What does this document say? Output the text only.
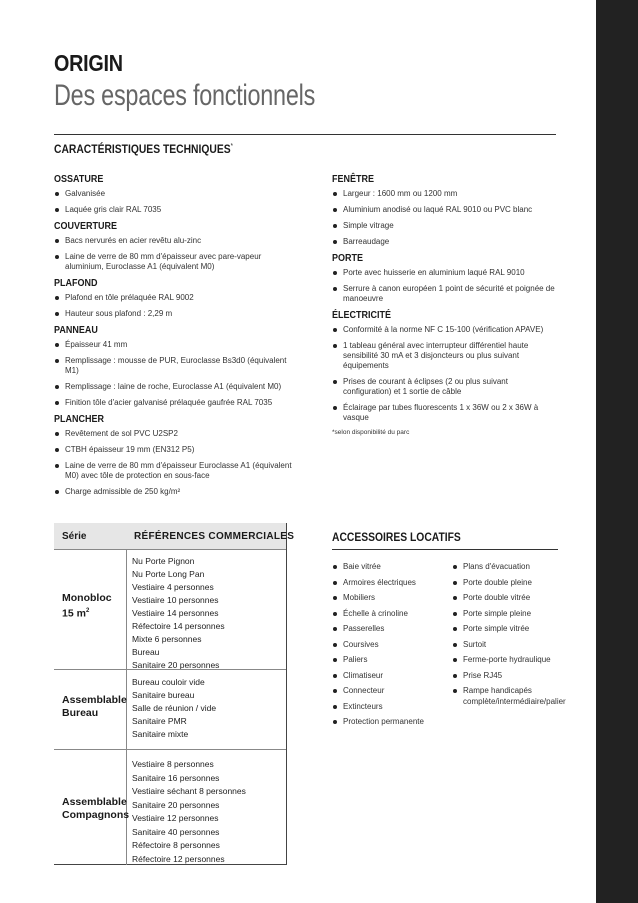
ORIGIN
Des espaces fonctionnels
CARACTÉRISTIQUES TECHNIQUES*
OSSATURE
Galvanisée
Laquée gris clair RAL 7035
COUVERTURE
Bacs nervurés en acier revêtu alu-zinc
Laine de verre de 80 mm d'épaisseur avec pare-vapeur aluminium, Euroclasse A1 (équivalent M0)
PLAFOND
Plafond en tôle prélaquée RAL 9002
Hauteur sous plafond : 2,29 m
PANNEAU
Épaisseur 41 mm
Remplissage : mousse de PUR, Euroclasse Bs3d0 (équivalent M1)
Remplissage : laine de roche, Euroclasse A1 (équivalent M0)
Finition tôle d'acier galvanisé prélaquée gaufrée RAL 7035
PLANCHER
Revêtement de sol PVC U2SP2
CTBH épaisseur 19 mm (EN312 P5)
Laine de verre de 80 mm d'épaisseur Euroclasse A1 (équivalent M0) avec tôle de protection en sous-face
Charge admissible de 250 kg/m²
FENÊTRE
Largeur : 1600 mm ou 1200 mm
Aluminium anodisé ou laqué RAL 9010 ou PVC blanc
Simple vitrage
Barreaudage
PORTE
Porte avec huisserie en aluminium laqué RAL 9010
Serrure à canon européen 1 point de sécurité et poignée de manoeuvre
ÉLECTRICITÉ
Conformité à la norme NF C 15-100 (vérification APAVE)
1 tableau général avec interrupteur différentiel haute sensibilité 30 mA et 3 disjoncteurs ou plus suivant équipements
Prises de courant à éclipses (2 ou plus suivant configuration) et 1 sortie de câble
Éclairage par tubes fluorescents 1 x 36W ou 2 x 36W à vasque
*selon disponibilité du parc
Série	RÉFÉRENCES COMMERCIALES
Monobloc
15 $m^2$
Nu Porte Pignon
Nu Porte Long Pan
Vestiaire 4 personnes
Vestiaire 10 personnes
Vestiaire 14 personnes
Réfectoire 14 personnes
Mixte 6 personnes
Bureau
Sanitaire 20 personnes
Assemblable
Bureau
Bureau couloir vide
Sanitaire bureau
Salle de réunion / vide
Sanitaire PMR
Sanitaire mixte
Assemblable
Compagnons
Vestiaire 8 personnes
Sanitaire 16 personnes
Vestiaire séchant 8 personnes
Sanitaire 20 personnes
Vestiaire 12 personnes
Sanitaire 40 personnes
Réfectoire 8 personnes
Réfectoire 12 personnes
ACCESSOIRES LOCATIFS
Baie vitrée
Armoires électriques
Mobiliers
Échelle à crinoline
Passerelles
Coursives
Paliers
Climatiseur
Connecteur
Extincteurs
Protection permanente
Plans d'évacuation
Porte double pleine
Porte double vitrée
Porte simple pleine
Porte simple vitrée
Surtoit
Ferme-porte hydraulique
Prise RJ45
Rampe handicapés complète/intermédiaire/palier
